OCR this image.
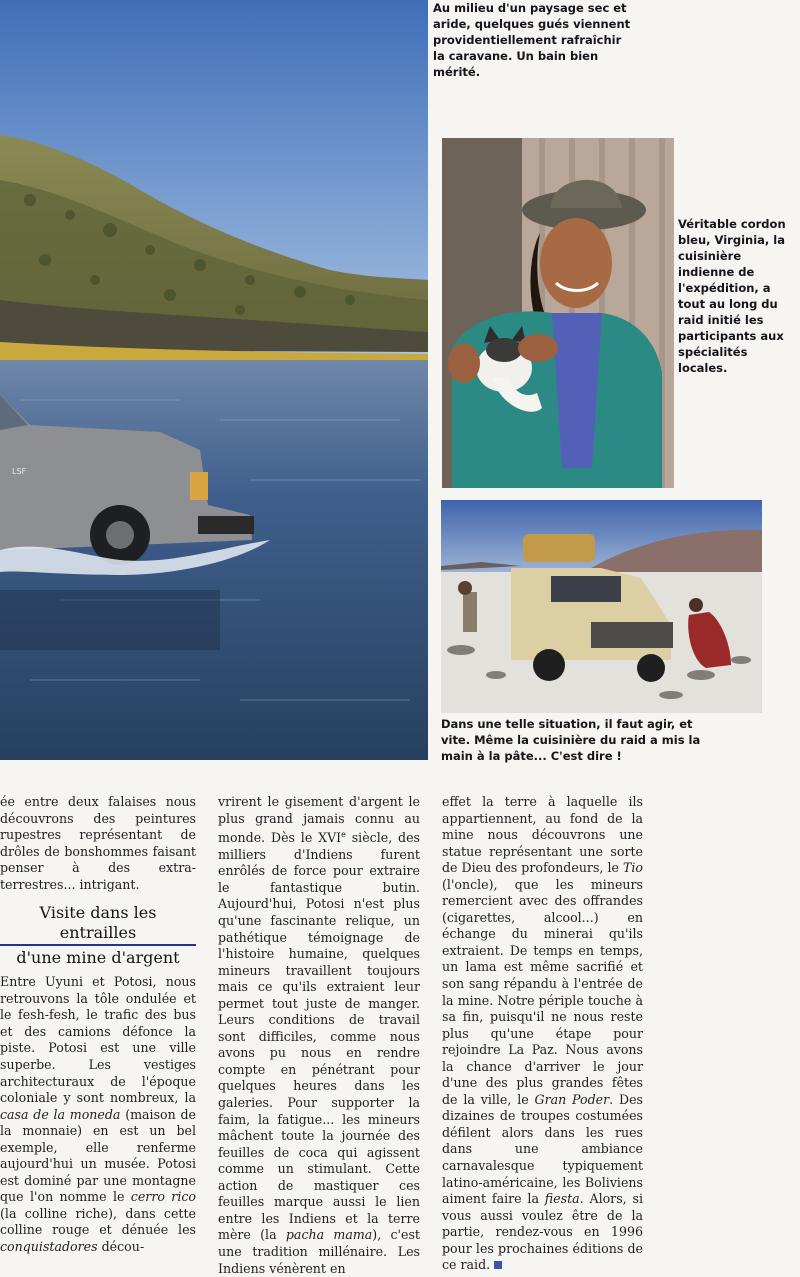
LSF

Au milieu d'un paysage sec et aride, quelques gués viennent providentiellement rafraîchir la caravane. Un bain bien mérité.

Véritable cordon bleu, Virginia, la cuisinière indienne de l'expédition, a tout au long du raid initié les participants aux spécialités locales.

Dans une telle situation, il faut agir, et vite. Même la cuisinière du raid a mis la main à la pâte... C'est dire !

ée entre deux falaises nous découvrons des peintures rupestres représentant de drôles de bonshommes faisant penser à des extra-terrestres... intrigant.

Visite dans les entrailles
d'une mine d'argent

Entre Uyuni et Potosi, nous retrouvons la tôle ondulée et le fesh-fesh, le trafic des bus et des camions défonce la piste. Potosi est une ville superbe. Les vestiges architecturaux de l'époque coloniale y sont nombreux, la casa de la moneda (maison de la monnaie) en est un bel exemple, elle renferme aujourd'hui un musée. Potosi est dominé par une montagne que l'on nomme le cerro rico (la colline riche), dans cette colline rouge et dénuée les conquistadores décou-

vrirent le gisement d'argent le plus grand jamais connu au monde. Dès le XVIe siècle, des milliers d'Indiens furent enrôlés de force pour extraire le fantastique butin. Aujourd'hui, Potosi n'est plus qu'une fascinante relique, un pathétique témoignage de l'histoire humaine, quelques mineurs travaillent toujours mais ce qu'ils extraient leur permet tout juste de manger. Leurs conditions de travail sont difficiles, comme nous avons pu nous en rendre compte en pénétrant pour quelques heures dans les galeries. Pour supporter la faim, la fatigue... les mineurs mâchent toute la journée des feuilles de coca qui agissent comme un stimulant. Cette action de mastiquer ces feuilles marque aussi le lien entre les Indiens et la terre mère (la pacha mama), c'est une tradition millénaire. Les Indiens vénèrent en

effet la terre à laquelle ils appartiennent, au fond de la mine nous découvrons une statue représentant une sorte de Dieu des profondeurs, le Tio (l'oncle), que les mineurs remercient avec des offrandes (cigarettes, alcool...) en échange du minerai qu'ils extraient. De temps en temps, un lama est même sacrifié et son sang répandu à l'entrée de la mine. Notre périple touche à sa fin, puisqu'il ne nous reste plus qu'une étape pour rejoindre La Paz. Nous avons la chance d'arriver le jour d'une des plus grandes fêtes de la ville, le Gran Poder. Des dizaines de troupes costumées défilent alors dans les rues dans une ambiance carnavalesque typiquement latino-américaine, les Boliviens aiment faire la fiesta. Alors, si vous aussi voulez être de la partie, rendez-vous en 1996 pour les prochaines éditions de ce raid.
